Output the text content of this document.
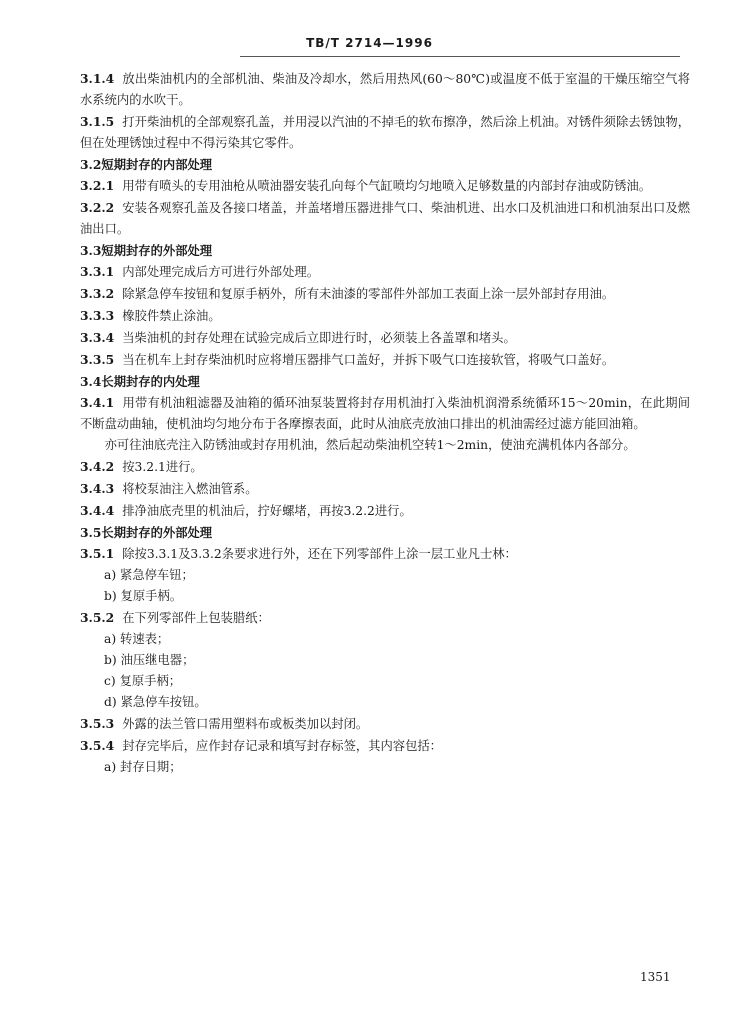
TB/T 2714—1996

3.1.4 放出柴油机内的全部机油、柴油及冷却水，然后用热风(60～80℃)或温度不低于室温的干燥压缩空气将水系统内的水吹干。

3.1.5 打开柴油机的全部观察孔盖，并用浸以汽油的不掉毛的软布擦净，然后涂上机油。对锈件须除去锈蚀物，但在处理锈蚀过程中不得污染其它零件。

3.2短期封存的内部处理

3.2.1 用带有喷头的专用油枪从喷油器安装孔向每个气缸喷均匀地喷入足够数量的内部封存油或防锈油。

3.2.2 安装各观察孔盖及各接口堵盖，并盖堵增压器进排气口、柴油机进、出水口及机油进口和机油泵出口及燃油出口。

3.3短期封存的外部处理

3.3.1 内部处理完成后方可进行外部处理。

3.3.2 除紧急停车按钮和复原手柄外，所有未油漆的零部件外部加工表面上涂一层外部封存用油。

3.3.3 橡胶件禁止涂油。

3.3.4 当柴油机的封存处理在试验完成后立即进行时，必须装上各盖罩和堵头。

3.3.5 当在机车上封存柴油机时应将增压器排气口盖好，并拆下吸气口连接软管，将吸气口盖好。

3.4长期封存的内处理

3.4.1 用带有机油粗滤器及油箱的循环油泵装置将封存用机油打入柴油机润滑系统循环15～20min，在此期间不断盘动曲轴，使机油均匀地分布于各摩擦表面，此时从油底壳放油口排出的机油需经过滤方能回油箱。

亦可往油底壳注入防锈油或封存用机油，然后起动柴油机空转1～2min，使油充满机体内各部分。

3.4.2 按3.2.1进行。

3.4.3 将校泵油注入燃油管系。

3.4.4 排净油底壳里的机油后，拧好螺堵，再按3.2.2进行。

3.5长期封存的外部处理

3.5.1 除按3.3.1及3.3.2条要求进行外，还在下列零部件上涂一层工业凡士林：

a) 紧急停车钮；

b) 复原手柄。

3.5.2 在下列零部件上包装腊纸：

a) 转速表；

b) 油压继电器；

c) 复原手柄；

d) 紧急停车按钮。

3.5.3 外露的法兰管口需用塑料布或板类加以封闭。

3.5.4 封存完毕后，应作封存记录和填写封存标签，其内容包括：

a) 封存日期；

1351
